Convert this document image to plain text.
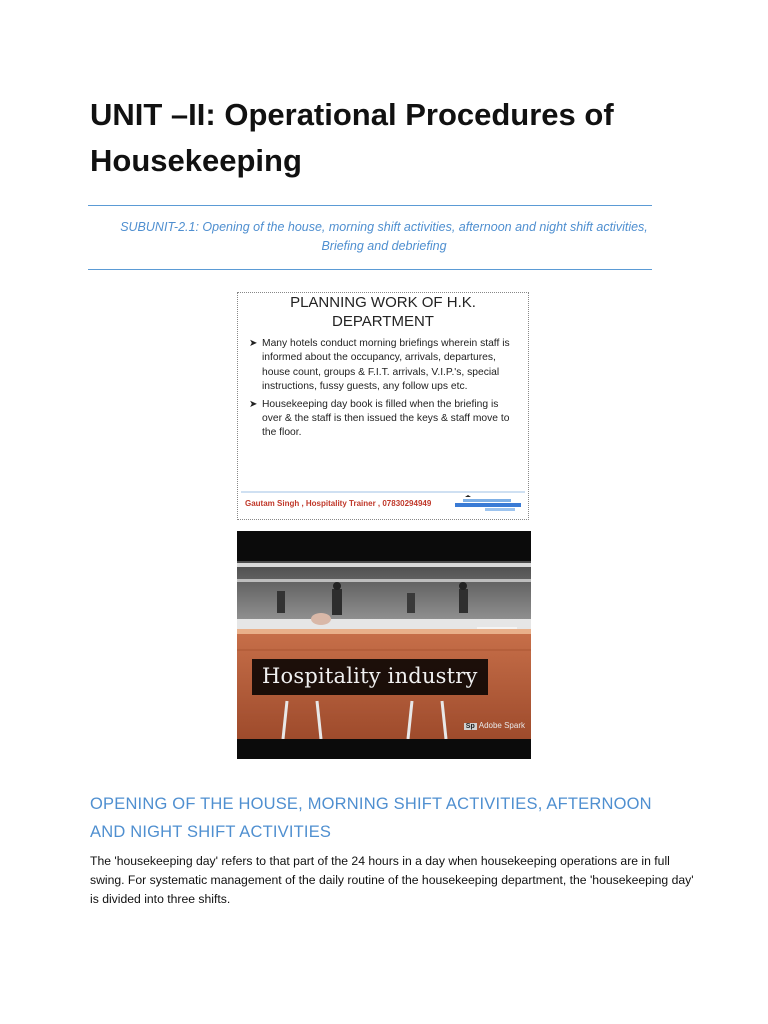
UNIT –II: Operational Procedures of Housekeeping
SUBUNIT-2.1: Opening of the house, morning shift activities, afternoon and night shift activities, Briefing and debriefing
PLANNING WORK OF H.K.
DEPARTMENT
➤ Many hotels conduct morning briefings wherein staff is informed about the occupancy, arrivals, departures, house count, groups & F.I.T. arrivals, V.I.P.'s, special instructions, fussy guests, any follow ups etc.
➤ Housekeeping day book is filled when the briefing is over & the staff is then issued the keys & staff move to the floor.
Gautam Singh , Hospitality Trainer , 07830294949
Hospitality industry
Sp Adobe Spark
OPENING OF THE HOUSE, MORNING SHIFT ACTIVITIES, AFTERNOON AND NIGHT SHIFT ACTIVITIES
The 'housekeeping day' refers to that part of the 24 hours in a day when housekeeping operations are in full swing. For systematic management of the daily routine of the housekeeping department, the 'housekeeping day' is divided into three shifts.
